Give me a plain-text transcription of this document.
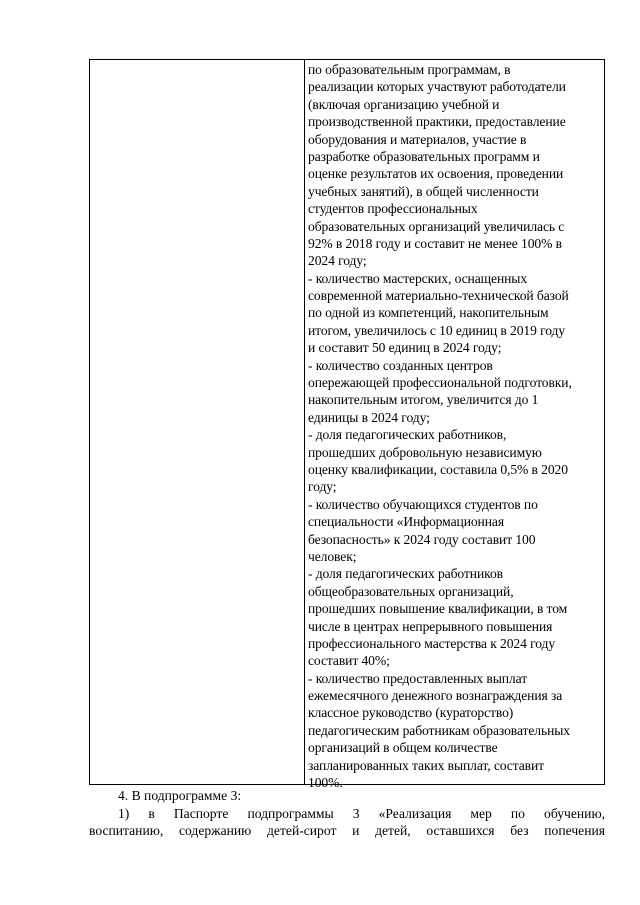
по образовательным программам, в
реализации которых участвуют работодатели
(включая организацию учебной и
производственной практики, предоставление
оборудования и материалов, участие в
разработке образовательных программ и
оценке результатов их освоения, проведении
учебных занятий), в общей численности
студентов профессиональных
образовательных организаций увеличилась с
92% в 2018 году и составит не менее 100% в
2024 году;
- количество мастерских, оснащенных
современной материально-технической базой
по одной из компетенций, накопительным
итогом, увеличилось с 10 единиц в 2019 году
и составит 50 единиц в 2024 году;
- количество созданных центров
опережающей профессиональной подготовки,
накопительным итогом, увеличится до 1
единицы в 2024 году;
- доля педагогических работников,
прошедших добровольную независимую
оценку квалификации, составила 0,5% в 2020
году;
- количество обучающихся студентов по
специальности «Информационная
безопасность» к 2024 году составит 100
человек;
- доля педагогических работников
общеобразовательных организаций,
прошедших повышение квалификации, в том
числе в центрах непрерывного повышения
профессионального мастерства к 2024 году
составит 40%;
- количество предоставленных выплат
ежемесячного денежного вознаграждения за
классное руководство (кураторство)
педагогическим работникам образовательных
организаций в общем количестве
запланированных таких выплат, составит
100%.

4. В подпрограмме 3:

1) в Паспорте подпрограммы 3 «Реализация мер по обучению,

воспитанию, содержанию детей-сирот и детей, оставшихся без попечения
